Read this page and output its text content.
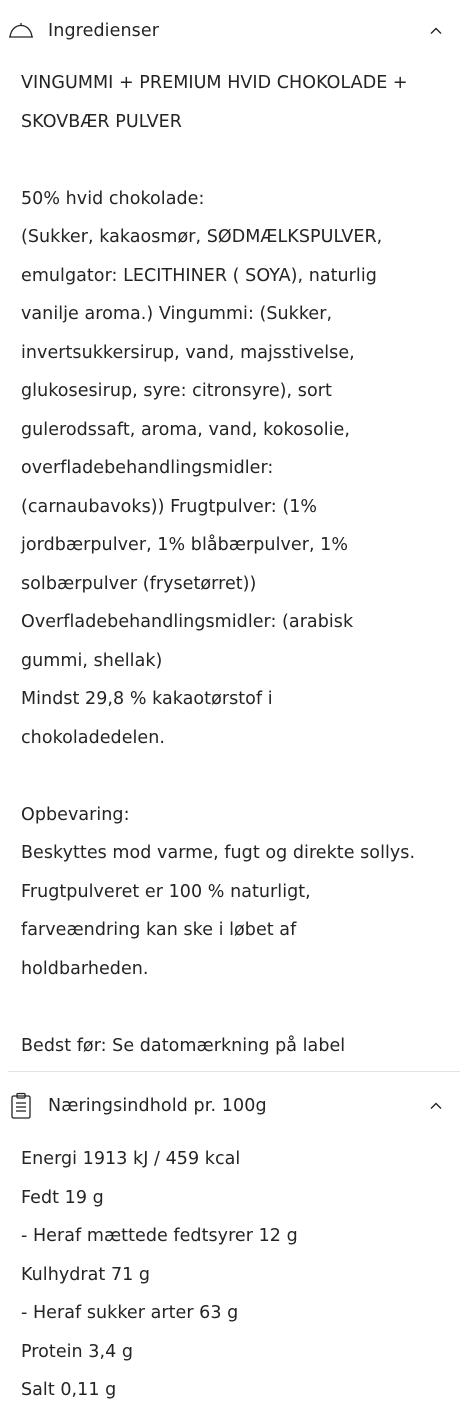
Ingredienser

VINGUMMI + PREMIUM HVID CHOKOLADE +

SKOVBÆR PULVER

50% hvid chokolade:

(Sukker, kakaosmør, SØDMÆLKSPULVER,

emulgator: LECITHINER ( SOYA), naturlig

vanilje aroma.) Vingummi: (Sukker,

invertsukkersirup, vand, majsstivelse,

glukosesirup, syre: citronsyre), sort

gulerodssaft, aroma, vand, kokosolie,

overfladebehandlingsmidler:

(carnaubavoks)) Frugtpulver: (1%

jordbærpulver, 1% blåbærpulver, 1%

solbærpulver (frysetørret))

Overfladebehandlingsmidler: (arabisk

gummi, shellak)

Mindst 29,8 % kakaotørstof i

chokoladedelen.

Opbevaring:

Beskyttes mod varme, fugt og direkte sollys.

Frugtpulveret er 100 % naturligt,

farveændring kan ske i løbet af

holdbarheden.

Bedst før: Se datomærkning på label

Næringsindhold pr. 100g

Energi 1913 kJ / 459 kcal

Fedt 19 g

- Heraf mættede fedtsyrer 12 g

Kulhydrat 71 g

- Heraf sukker arter 63 g

Protein 3,4 g

Salt 0,11 g
